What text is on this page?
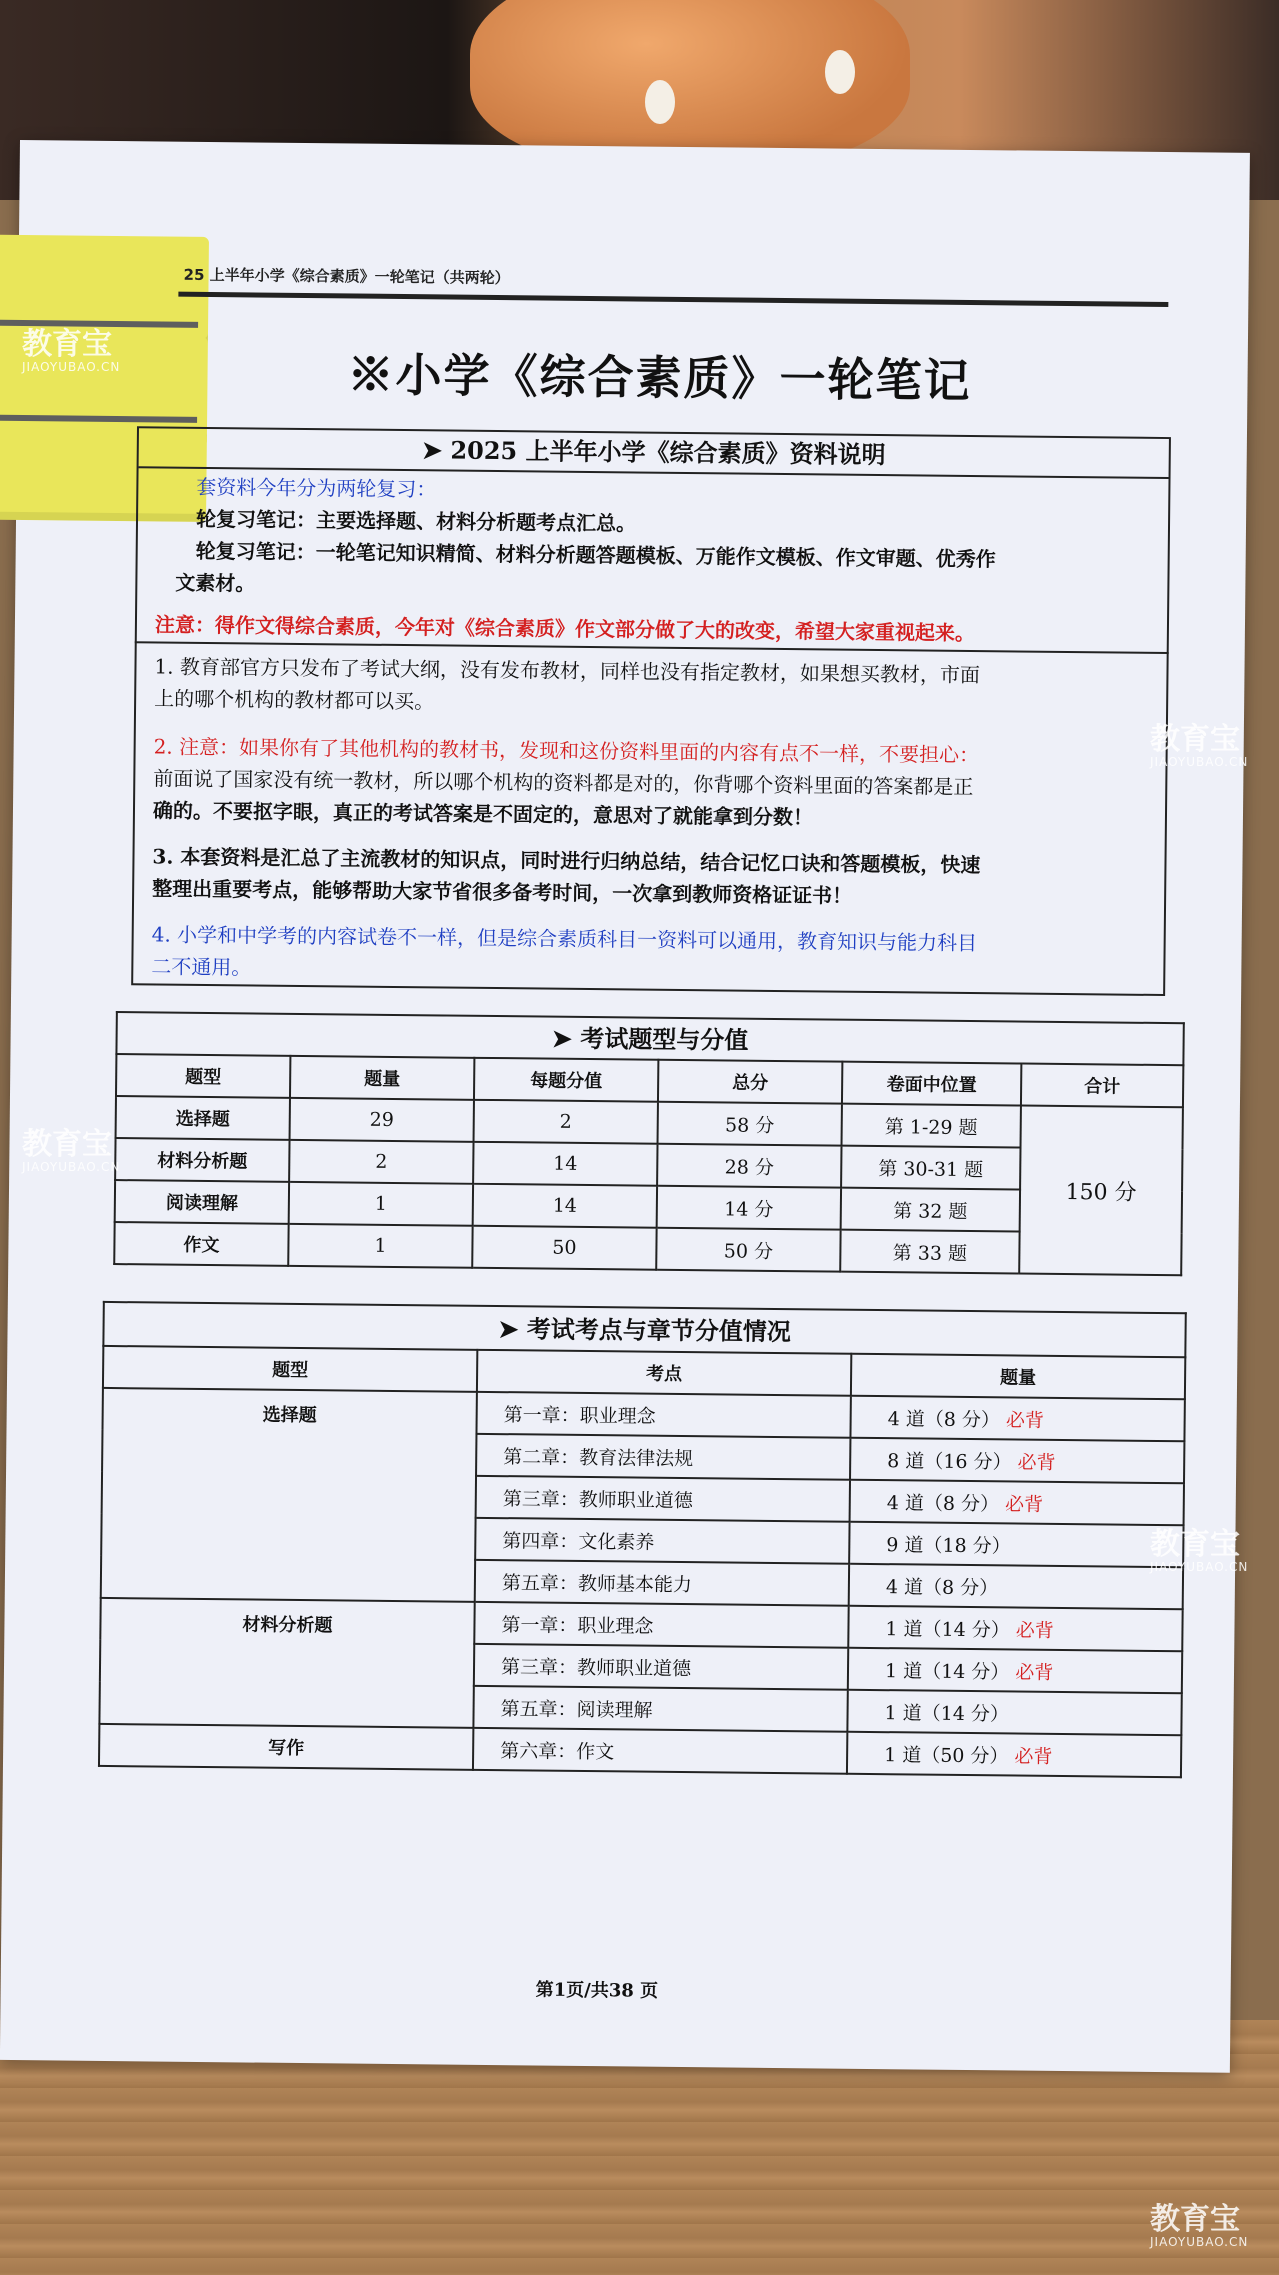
25 上半年小学《综合素质》一轮笔记（共两轮）
※小学《综合素质》一轮笔记
➤ 2025 上半年小学《综合素质》资料说明
套资料今年分为两轮复习：
轮复习笔记：主要选择题、材料分析题考点汇总。
轮复习笔记：一轮笔记知识精简、材料分析题答题模板、万能作文模板、作文审题、优秀作
文素材。
注意：得作文得综合素质，今年对《综合素质》作文部分做了大的改变，希望大家重视起来。
1. 教育部官方只发布了考试大纲，没有发布教材，同样也没有指定教材，如果想买教材，市面
上的哪个机构的教材都可以买。
2. 注意：如果你有了其他机构的教材书，发现和这份资料里面的内容有点不一样，不要担心：
前面说了国家没有统一教材，所以哪个机构的资料都是对的，你背哪个资料里面的答案都是正
确的。不要抠字眼，真正的考试答案是不固定的，意思对了就能拿到分数！
3. 本套资料是汇总了主流教材的知识点，同时进行归纳总结，结合记忆口诀和答题模板，快速
整理出重要考点，能够帮助大家节省很多备考时间，一次拿到教师资格证证书！
4. 小学和中学考的内容试卷不一样，但是综合素质科目一资料可以通用，教育知识与能力科目
二不通用。
➤ 考试题型与分值
题型	题量	每题分值	总分	卷面中位置	合计
选择题	29	2	58 分	第 1-29 题	150 分
材料分析题	2	14	28 分	第 30-31 题	
阅读理解	1	14	14 分	第 32 题	
作文	1	50	50 分	第 33 题	
➤ 考试考点与章节分值情况
题型	考点	题量
选择题	第一章：职业理念	4 道（8 分） 必背
	第二章：教育法律法规	8 道（16 分） 必背
	第三章：教师职业道德	4 道（8 分） 必背
	第四章：文化素养	9 道（18 分）
	第五章：教师基本能力	4 道（8 分）
材料分析题	第一章：职业理念	1 道（14 分） 必背
	第三章：教师职业道德	1 道（14 分） 必背
	第五章：阅读理解	1 道（14 分）
写作	第六章：作文	1 道（50 分） 必背
第1页/共38 页
教育宝
JIAOYUBAO.CN
教育宝
JIAOYUBAO.CN
教育宝
JIAOYUBAO.CN
教育宝
JIAOYUBAO.CN
教育宝
JIAOYUBAO.CN
